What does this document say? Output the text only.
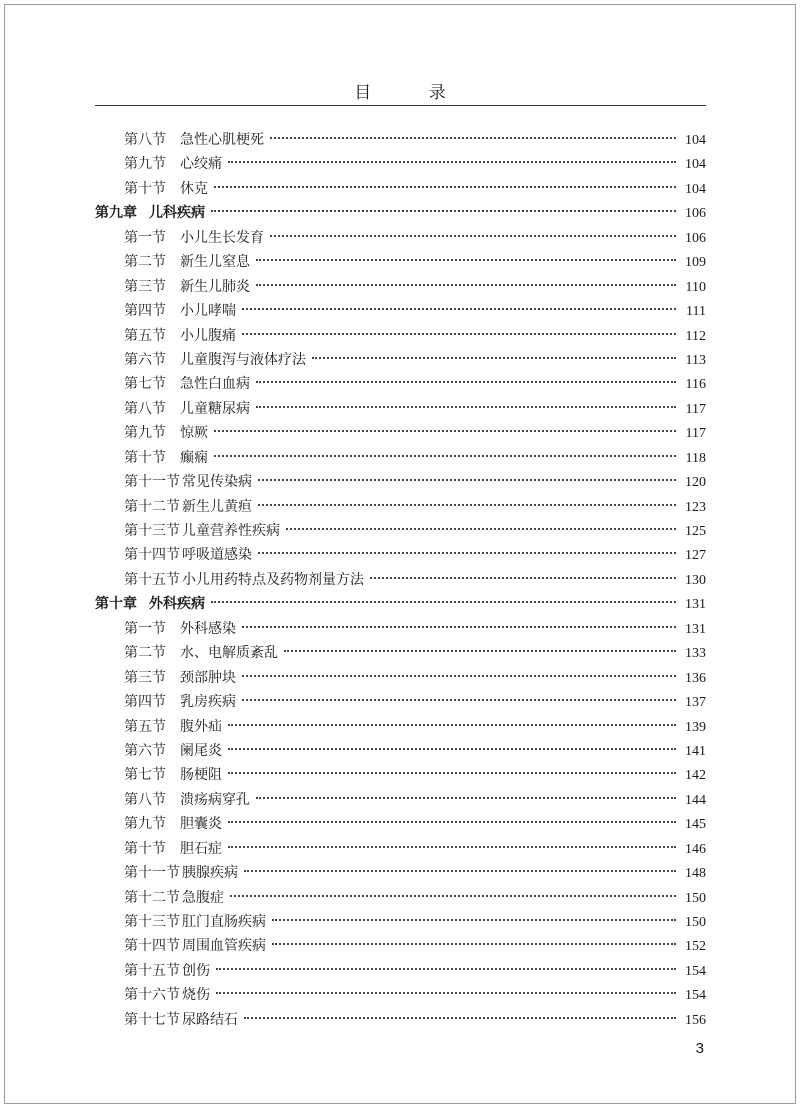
目 录
第八节 急性心肌梗死	104
第九节 心绞痛	104
第十节 休克	104
第九章 儿科疾病	106
第一节 小儿生长发育	106
第二节 新生儿窒息	109
第三节 新生儿肺炎	110
第四节 小儿哮喘	111
第五节 小儿腹痛	112
第六节 儿童腹泻与液体疗法	113
第七节 急性白血病	116
第八节 儿童糖尿病	117
第九节 惊厥	117
第十节 癫痫	118
第十一节 常见传染病	120
第十二节 新生儿黄疸	123
第十三节 儿童营养性疾病	125
第十四节 呼吸道感染	127
第十五节 小儿用药特点及药物剂量方法	130
第十章 外科疾病	131
第一节 外科感染	131
第二节 水、电解质紊乱	133
第三节 颈部肿块	136
第四节 乳房疾病	137
第五节 腹外疝	139
第六节 阑尾炎	141
第七节 肠梗阻	142
第八节 溃疡病穿孔	144
第九节 胆囊炎	145
第十节 胆石症	146
第十一节 胰腺疾病	148
第十二节 急腹症	150
第十三节 肛门直肠疾病	150
第十四节 周围血管疾病	152
第十五节 创伤	154
第十六节 烧伤	154
第十七节 尿路结石	156
3
